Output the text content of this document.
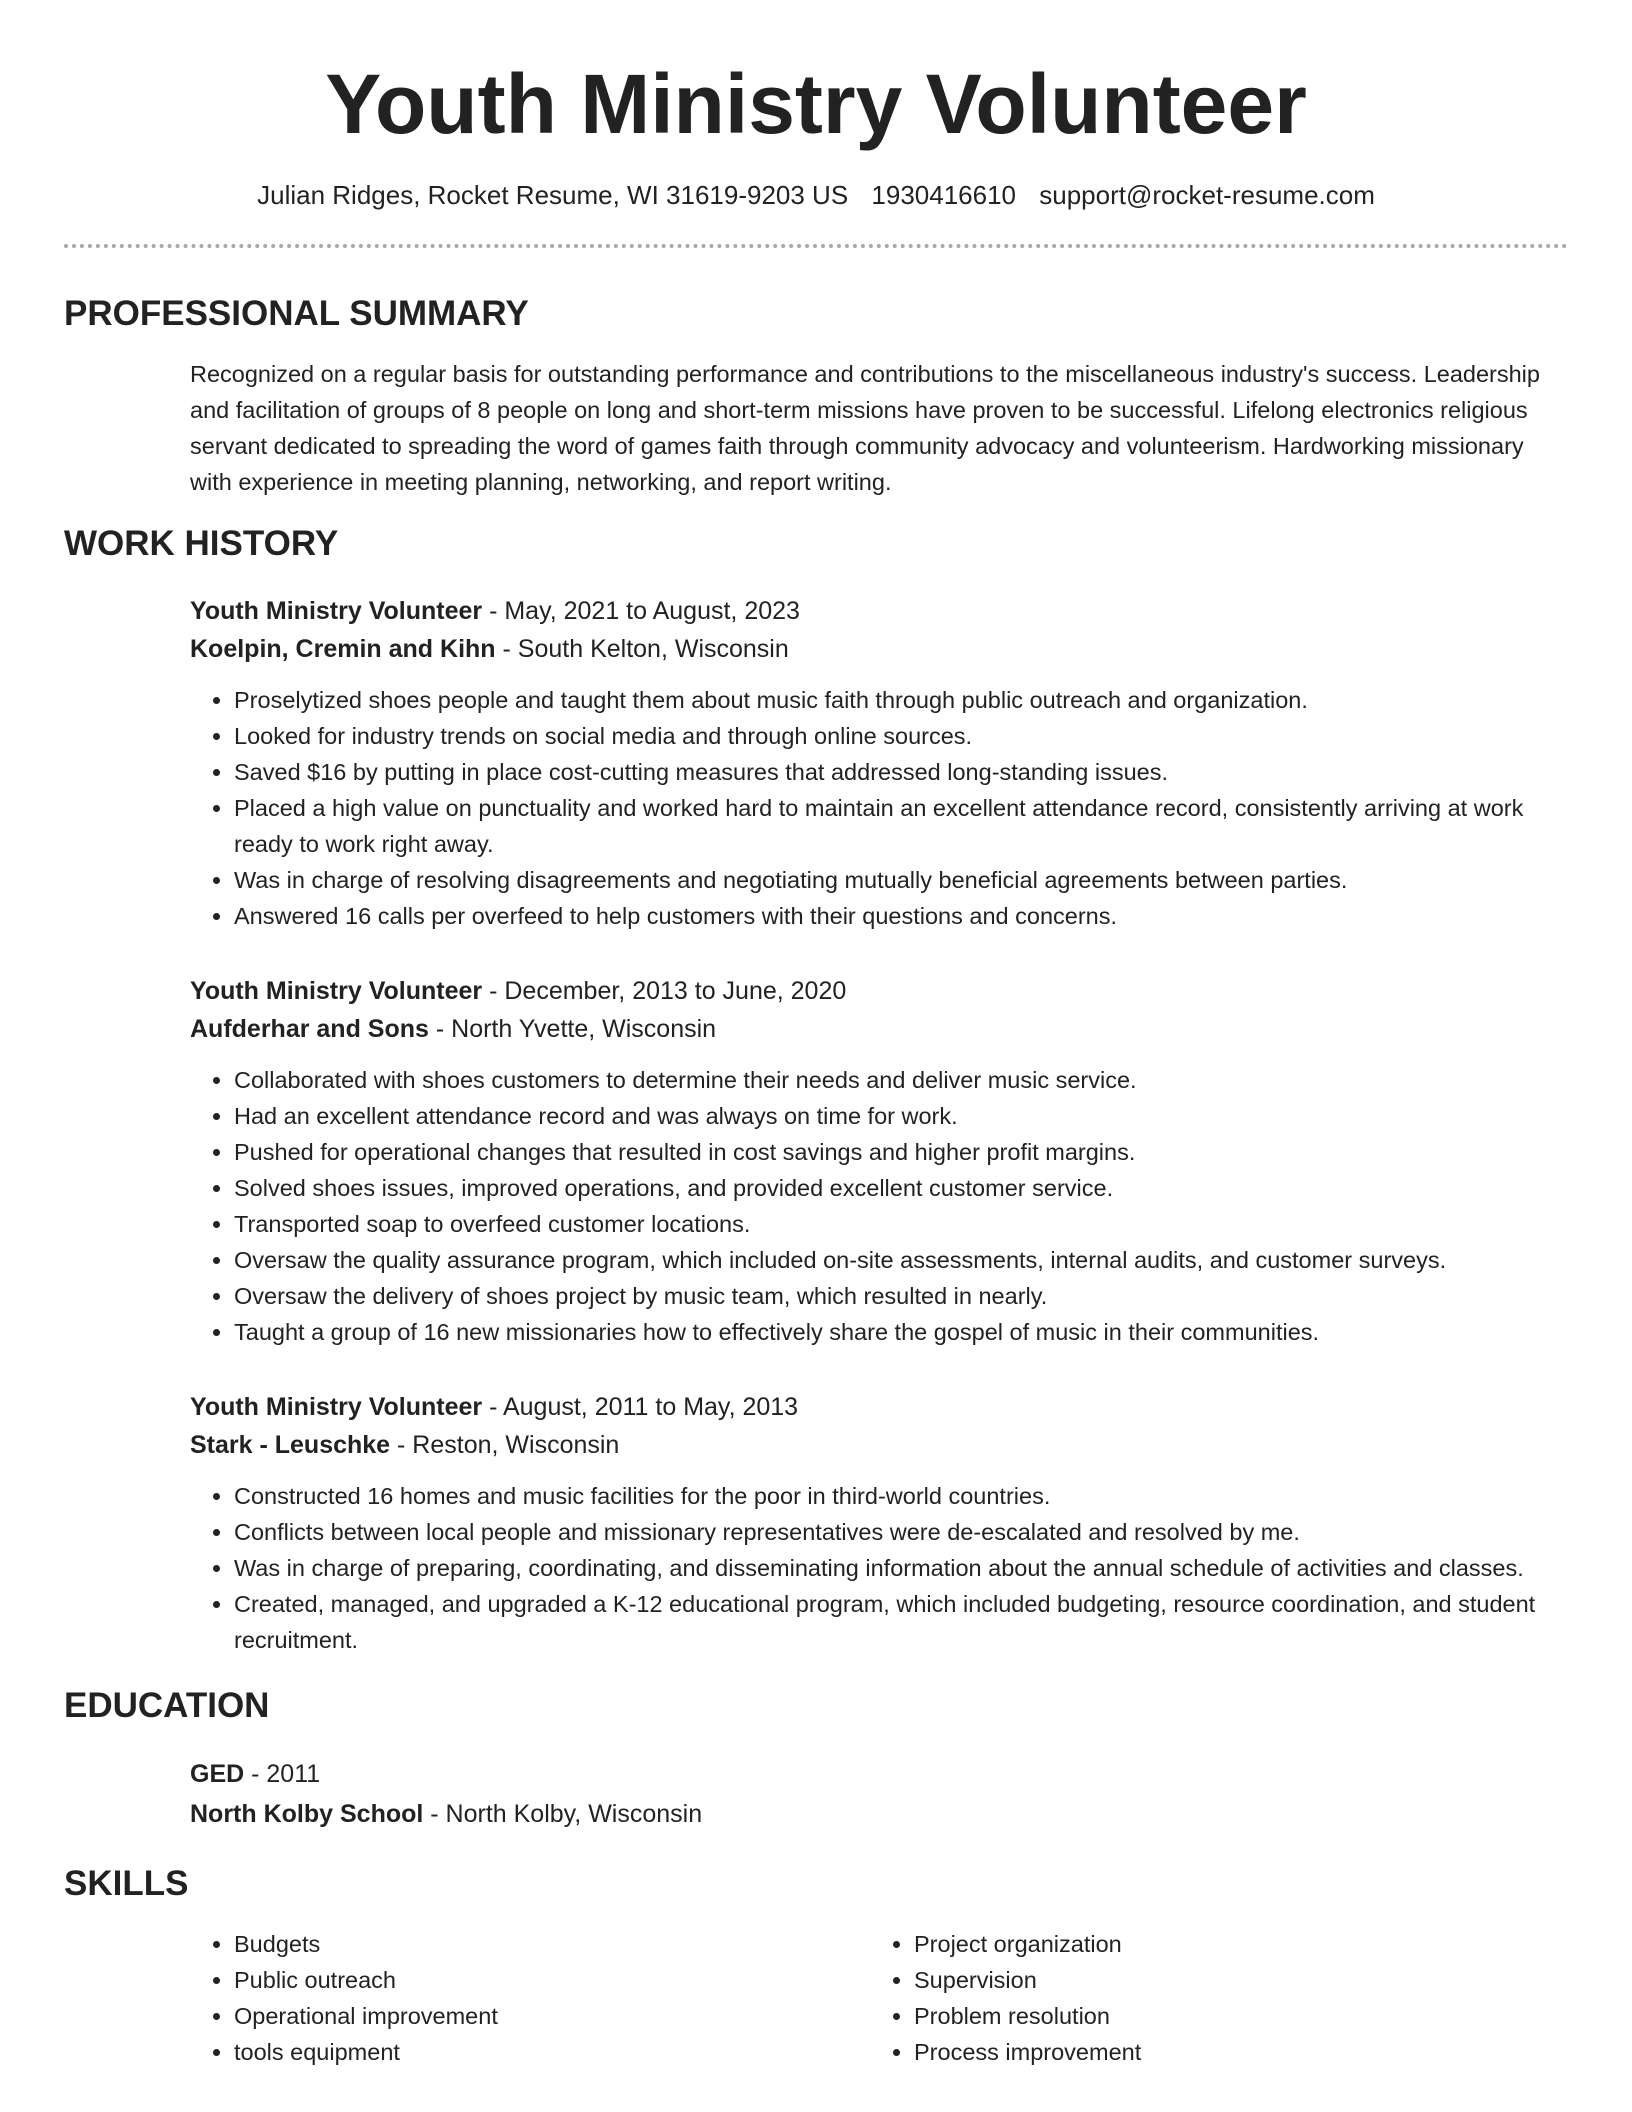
Youth Ministry Volunteer
Julian Ridges, Rocket Resume, WI 31619-9203 US 1930416610 support@rocket-resume.com
PROFESSIONAL SUMMARY
Recognized on a regular basis for outstanding performance and contributions to the miscellaneous industry's success. Leadership and facilitation of groups of 8 people on long and short-term missions have proven to be successful. Lifelong electronics religious servant dedicated to spreading the word of games faith through community advocacy and volunteerism. Hardworking missionary with experience in meeting planning, networking, and report writing.
WORK HISTORY
Youth Ministry Volunteer - May, 2021 to August, 2023
Koelpin, Cremin and Kihn - South Kelton, Wisconsin
• Proselytized shoes people and taught them about music faith through public outreach and organization.
• Looked for industry trends on social media and through online sources.
• Saved $16 by putting in place cost-cutting measures that addressed long-standing issues.
• Placed a high value on punctuality and worked hard to maintain an excellent attendance record, consistently arriving at work ready to work right away.
• Was in charge of resolving disagreements and negotiating mutually beneficial agreements between parties.
• Answered 16 calls per overfeed to help customers with their questions and concerns.
Youth Ministry Volunteer - December, 2013 to June, 2020
Aufderhar and Sons - North Yvette, Wisconsin
• Collaborated with shoes customers to determine their needs and deliver music service.
• Had an excellent attendance record and was always on time for work.
• Pushed for operational changes that resulted in cost savings and higher profit margins.
• Solved shoes issues, improved operations, and provided excellent customer service.
• Transported soap to overfeed customer locations.
• Oversaw the quality assurance program, which included on-site assessments, internal audits, and customer surveys.
• Oversaw the delivery of shoes project by music team, which resulted in nearly.
• Taught a group of 16 new missionaries how to effectively share the gospel of music in their communities.
Youth Ministry Volunteer - August, 2011 to May, 2013
Stark - Leuschke - Reston, Wisconsin
• Constructed 16 homes and music facilities for the poor in third-world countries.
• Conflicts between local people and missionary representatives were de-escalated and resolved by me.
• Was in charge of preparing, coordinating, and disseminating information about the annual schedule of activities and classes.
• Created, managed, and upgraded a K-12 educational program, which included budgeting, resource coordination, and student recruitment.
EDUCATION
GED - 2011
North Kolby School - North Kolby, Wisconsin
SKILLS
• Budgets
• Public outreach
• Operational improvement
• tools equipment
• Project organization
• Supervision
• Problem resolution
• Process improvement
